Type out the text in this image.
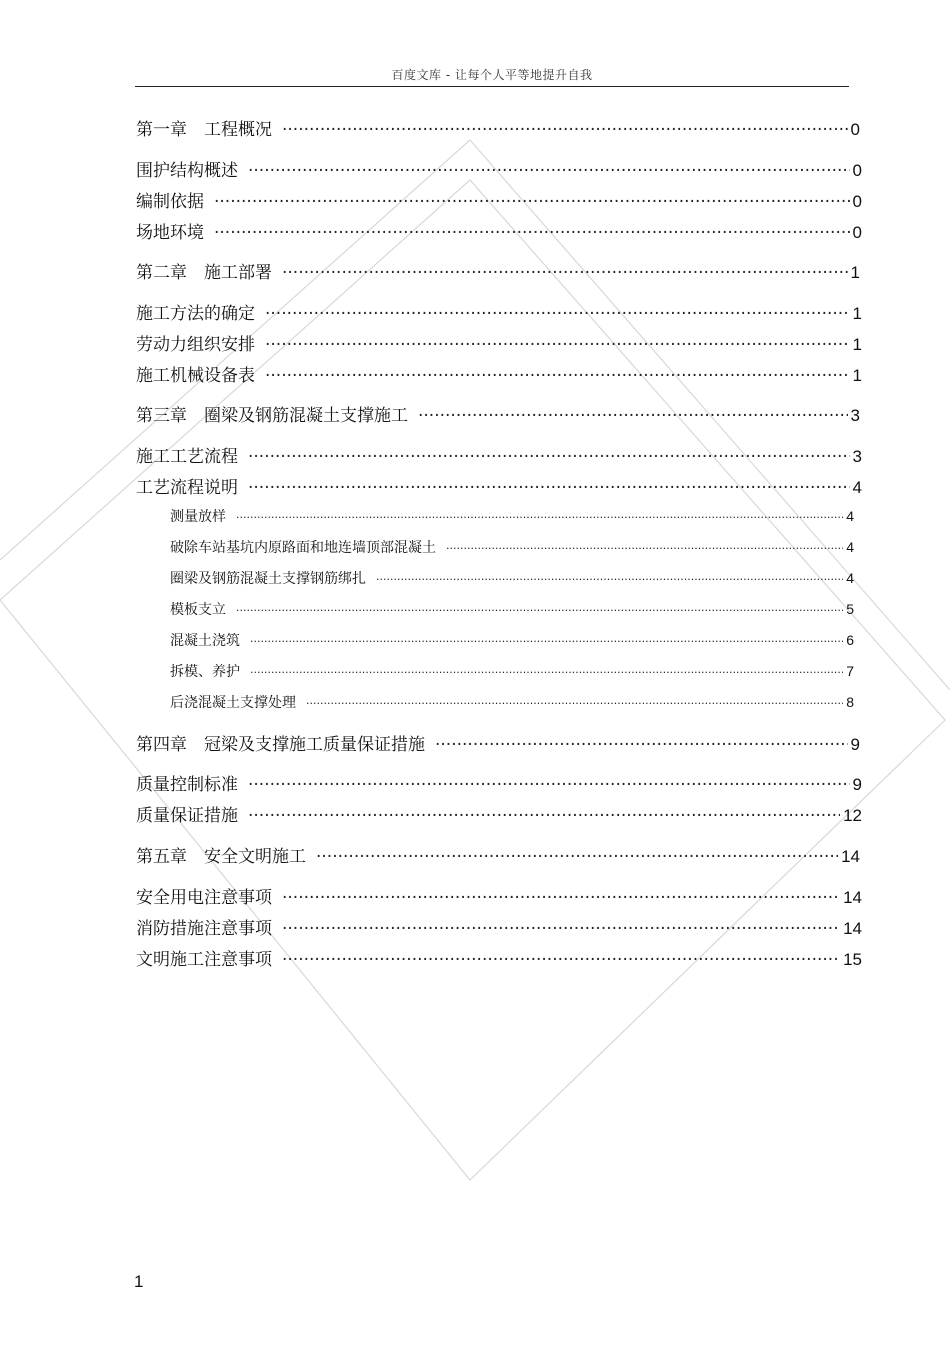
百度文库 - 让每个人平等地提升自我
第一章　工程概况 .....	0
围护结构概述 .....	0
编制依据 .....	0
场地环境 .....	0
第二章　施工部署 .....	1
施工方法的确定 .....	1
劳动力组织安排 .....	1
施工机械设备表 .....	1
第三章　圈梁及钢筋混凝土支撑施工 .....	3
施工工艺流程 .....	3
工艺流程说明 .....	4
测量放样 .....	4
破除车站基坑内原路面和地连墙顶部混凝土 .....	4
圈梁及钢筋混凝土支撑钢筋绑扎 .....	4
模板支立 .....	5
混凝土浇筑 .....	6
拆模、养护 .....	7
后浇混凝土支撑处理 .....	8
第四章　冠梁及支撑施工质量保证措施 .....	9
质量控制标准 .....	9
质量保证措施 .....	12
第五章　安全文明施工 .....	14
安全用电注意事项 .....	14
消防措施注意事项 .....	14
文明施工注意事项 .....	15
1
